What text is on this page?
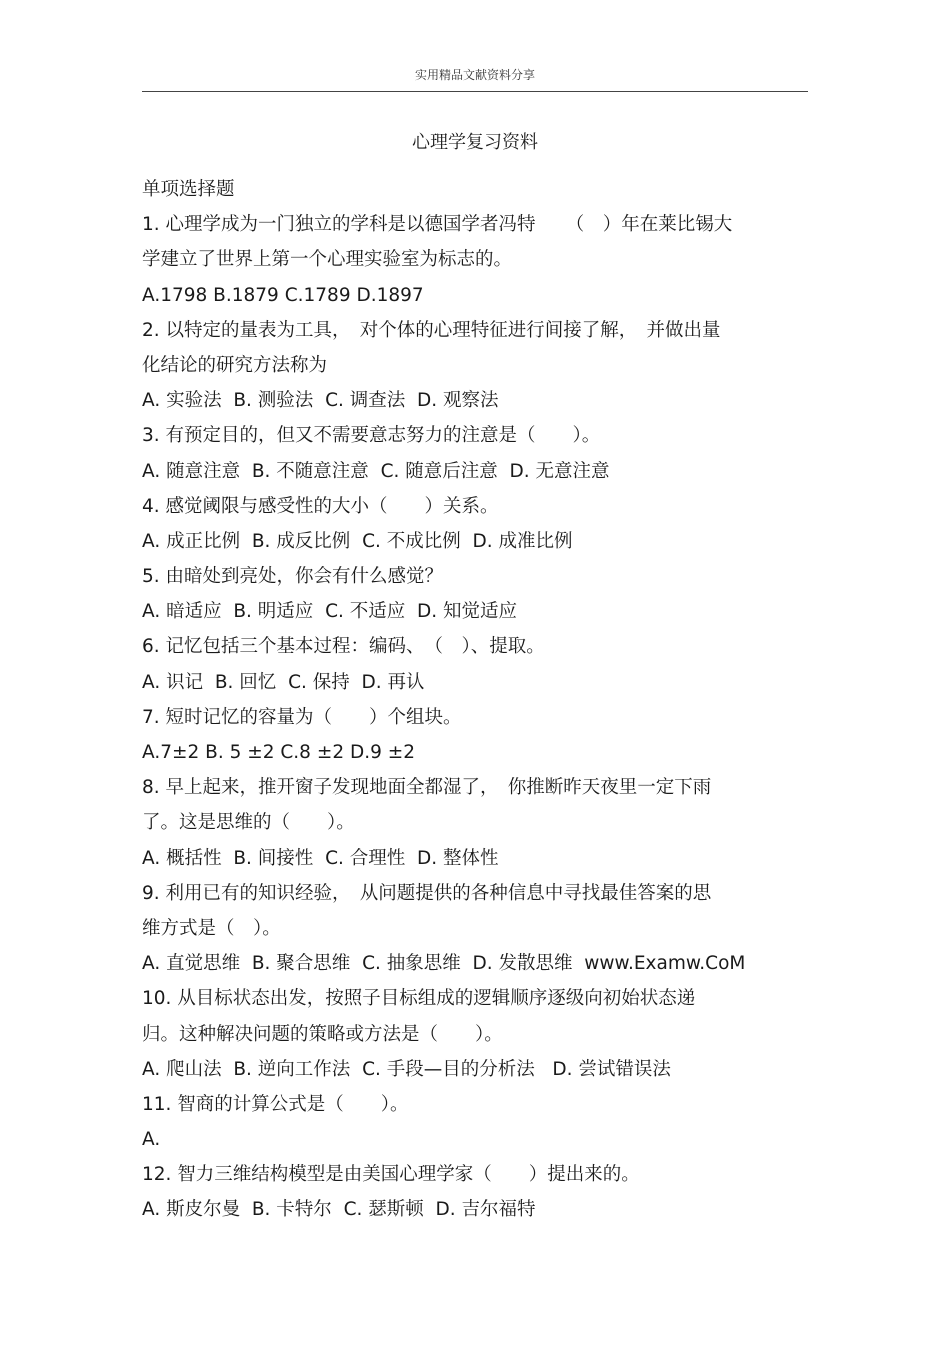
实用精品文献资料分享
心理学复习资料
单项选择题
1. 心理学成为一门独立的学科是以德国学者冯特　  （　）年在莱比锡大
学建立了世界上第一个心理实验室为标志的。
A.1798 B.1879 C.1789 D.1897
2. 以特定的量表为工具，　对个体的心理特征进行间接了解，　并做出量
化结论的研究方法称为
A. 实验法  B. 测验法  C. 调查法  D. 观察法
3. 有预定目的，但又不需要意志努力的注意是（　　）。
A. 随意注意  B. 不随意注意  C. 随意后注意  D. 无意注意
4. 感觉阈限与感受性的大小（　　）关系。
A. 成正比例  B. 成反比例  C. 不成比例  D. 成准比例
5. 由暗处到亮处，你会有什么感觉？
A. 暗适应  B. 明适应  C. 不适应  D. 知觉适应
6. 记忆包括三个基本过程：编码、　（　）、提取。
A. 识记  B. 回忆  C. 保持  D. 再认
7. 短时记忆的容量为（　　）个组块。
A.7±2 B. 5 ±2 C.8 ±2 D.9 ±2
8. 早上起来，推开窗子发现地面全都湿了，　你推断昨天夜里一定下雨
了。这是思维的（　　）。
A. 概括性  B. 间接性  C. 合理性  D. 整体性
9. 利用已有的知识经验，　从问题提供的各种信息中寻找最佳答案的思
维方式是（　）。
A. 直觉思维  B. 聚合思维  C. 抽象思维  D. 发散思维  www.Examw.CoM
10. 从目标状态出发，按照子目标组成的逻辑顺序逐级向初始状态递
归。这种解决问题的策略或方法是（　　）。
A. 爬山法  B. 逆向工作法  C. 手段—目的分析法   D. 尝试错误法
11. 智商的计算公式是（　　）。
A.
12. 智力三维结构模型是由美国心理学家（　　）提出来的。
A. 斯皮尔曼  B. 卡特尔  C. 瑟斯顿  D. 吉尔福特
